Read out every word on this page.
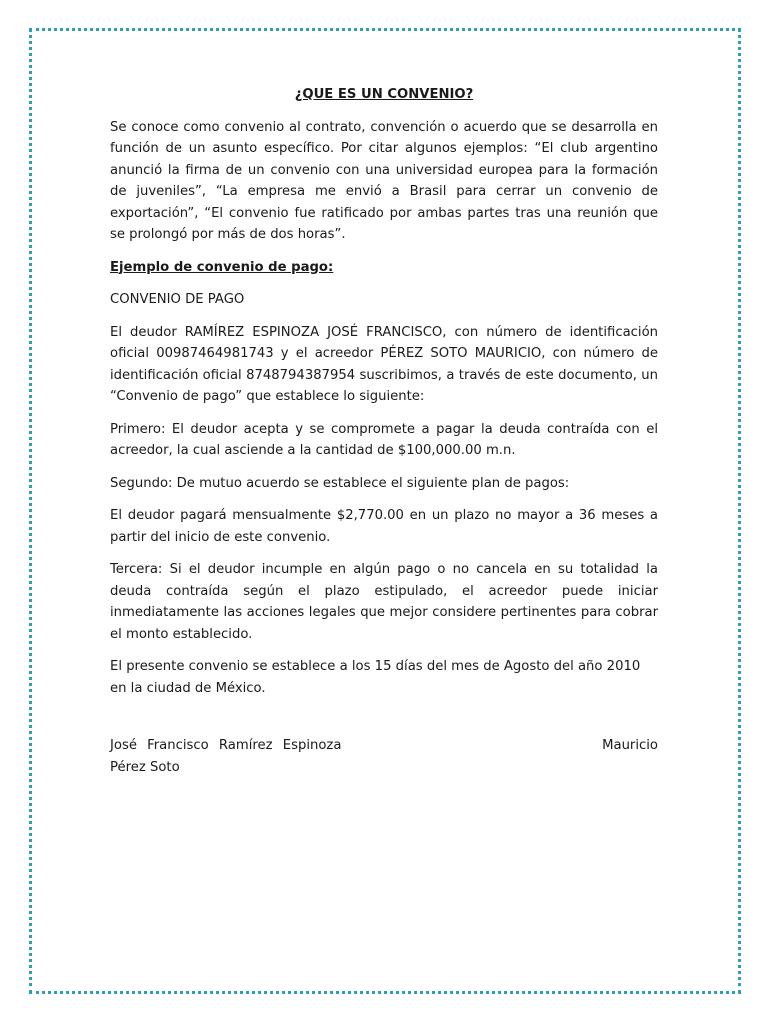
¿QUE ES UN CONVENIO?

Se conoce como convenio al contrato, convención o acuerdo que se desarrolla en función de un asunto específico. Por citar algunos ejemplos: “El club argentino anunció la firma de un convenio con una universidad europea para la formación de juveniles”, “La empresa me envió a Brasil para cerrar un convenio de exportación”, “El convenio fue ratificado por ambas partes tras una reunión que se prolongó por más de dos horas”.

Ejemplo de convenio de pago:

CONVENIO DE PAGO

El deudor RAMÍREZ ESPINOZA JOSÉ FRANCISCO, con número de identificación oficial 00987464981743 y el acreedor PÉREZ SOTO MAURICIO, con número de identificación oficial 8748794387954 suscribimos, a través de este documento, un “Convenio de pago” que establece lo siguiente:

Primero: El deudor acepta y se compromete a pagar la deuda contraída con el acreedor, la cual asciende a la cantidad de $100,000.00 m.n.

Segundo: De mutuo acuerdo se establece el siguiente plan de pagos:

El deudor pagará mensualmente $2,770.00 en un plazo no mayor a 36 meses a partir del inicio de este convenio.

Tercera: Si el deudor incumple en algún pago o no cancela en su totalidad la deuda contraída según el plazo estipulado, el acreedor puede iniciar inmediatamente las acciones legales que mejor considere pertinentes para cobrar el monto establecido.

El presente convenio se establece a los 15 días del mes de Agosto del año 2010 en la ciudad de México.

José Francisco Ramírez Espinoza	Mauricio
Pérez Soto
